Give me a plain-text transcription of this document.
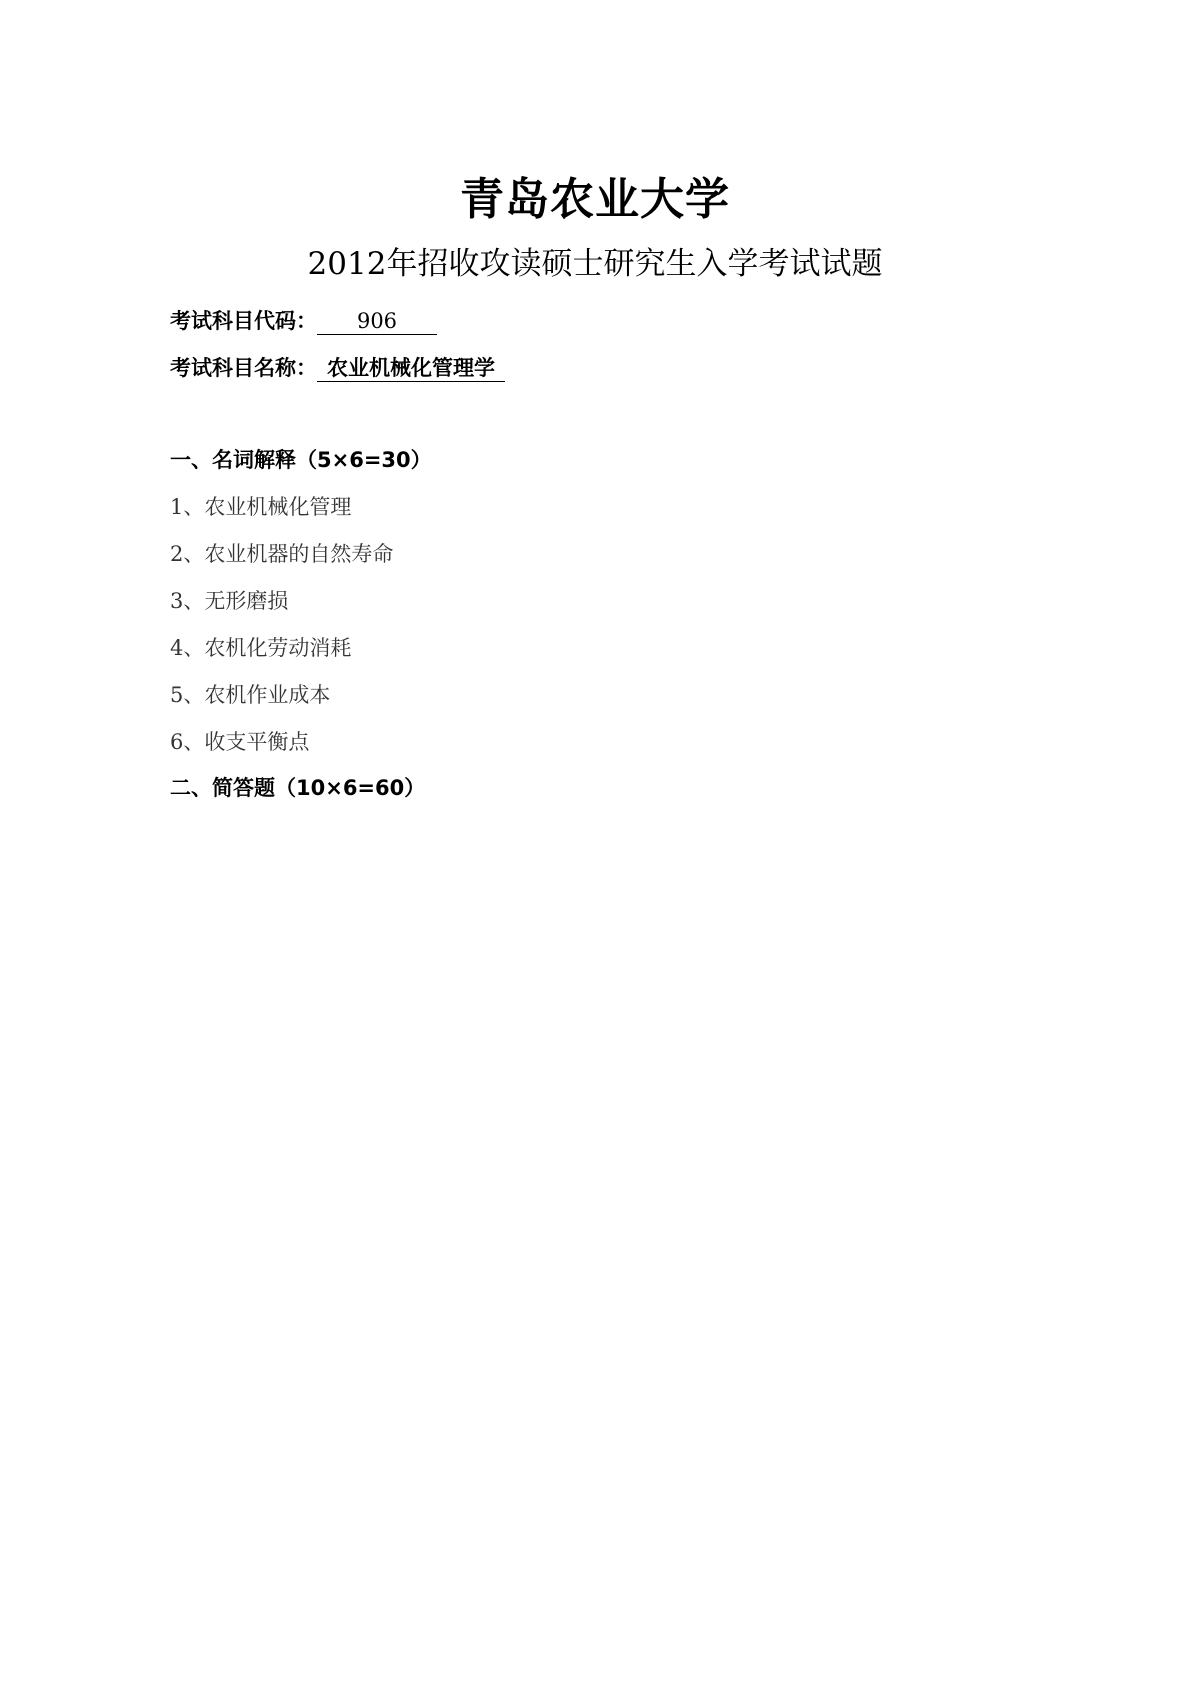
青岛农业大学
2012年招收攻读硕士研究生入学考试试题
考试科目代码： 906
考试科目名称： 农业机械化管理学
一、名词解释（5×6=30）
1、农业机械化管理
2、农业机器的自然寿命
3、无形磨损
4、农机化劳动消耗
5、农机作业成本
6、收支平衡点
二、简答题（10×6=60）
